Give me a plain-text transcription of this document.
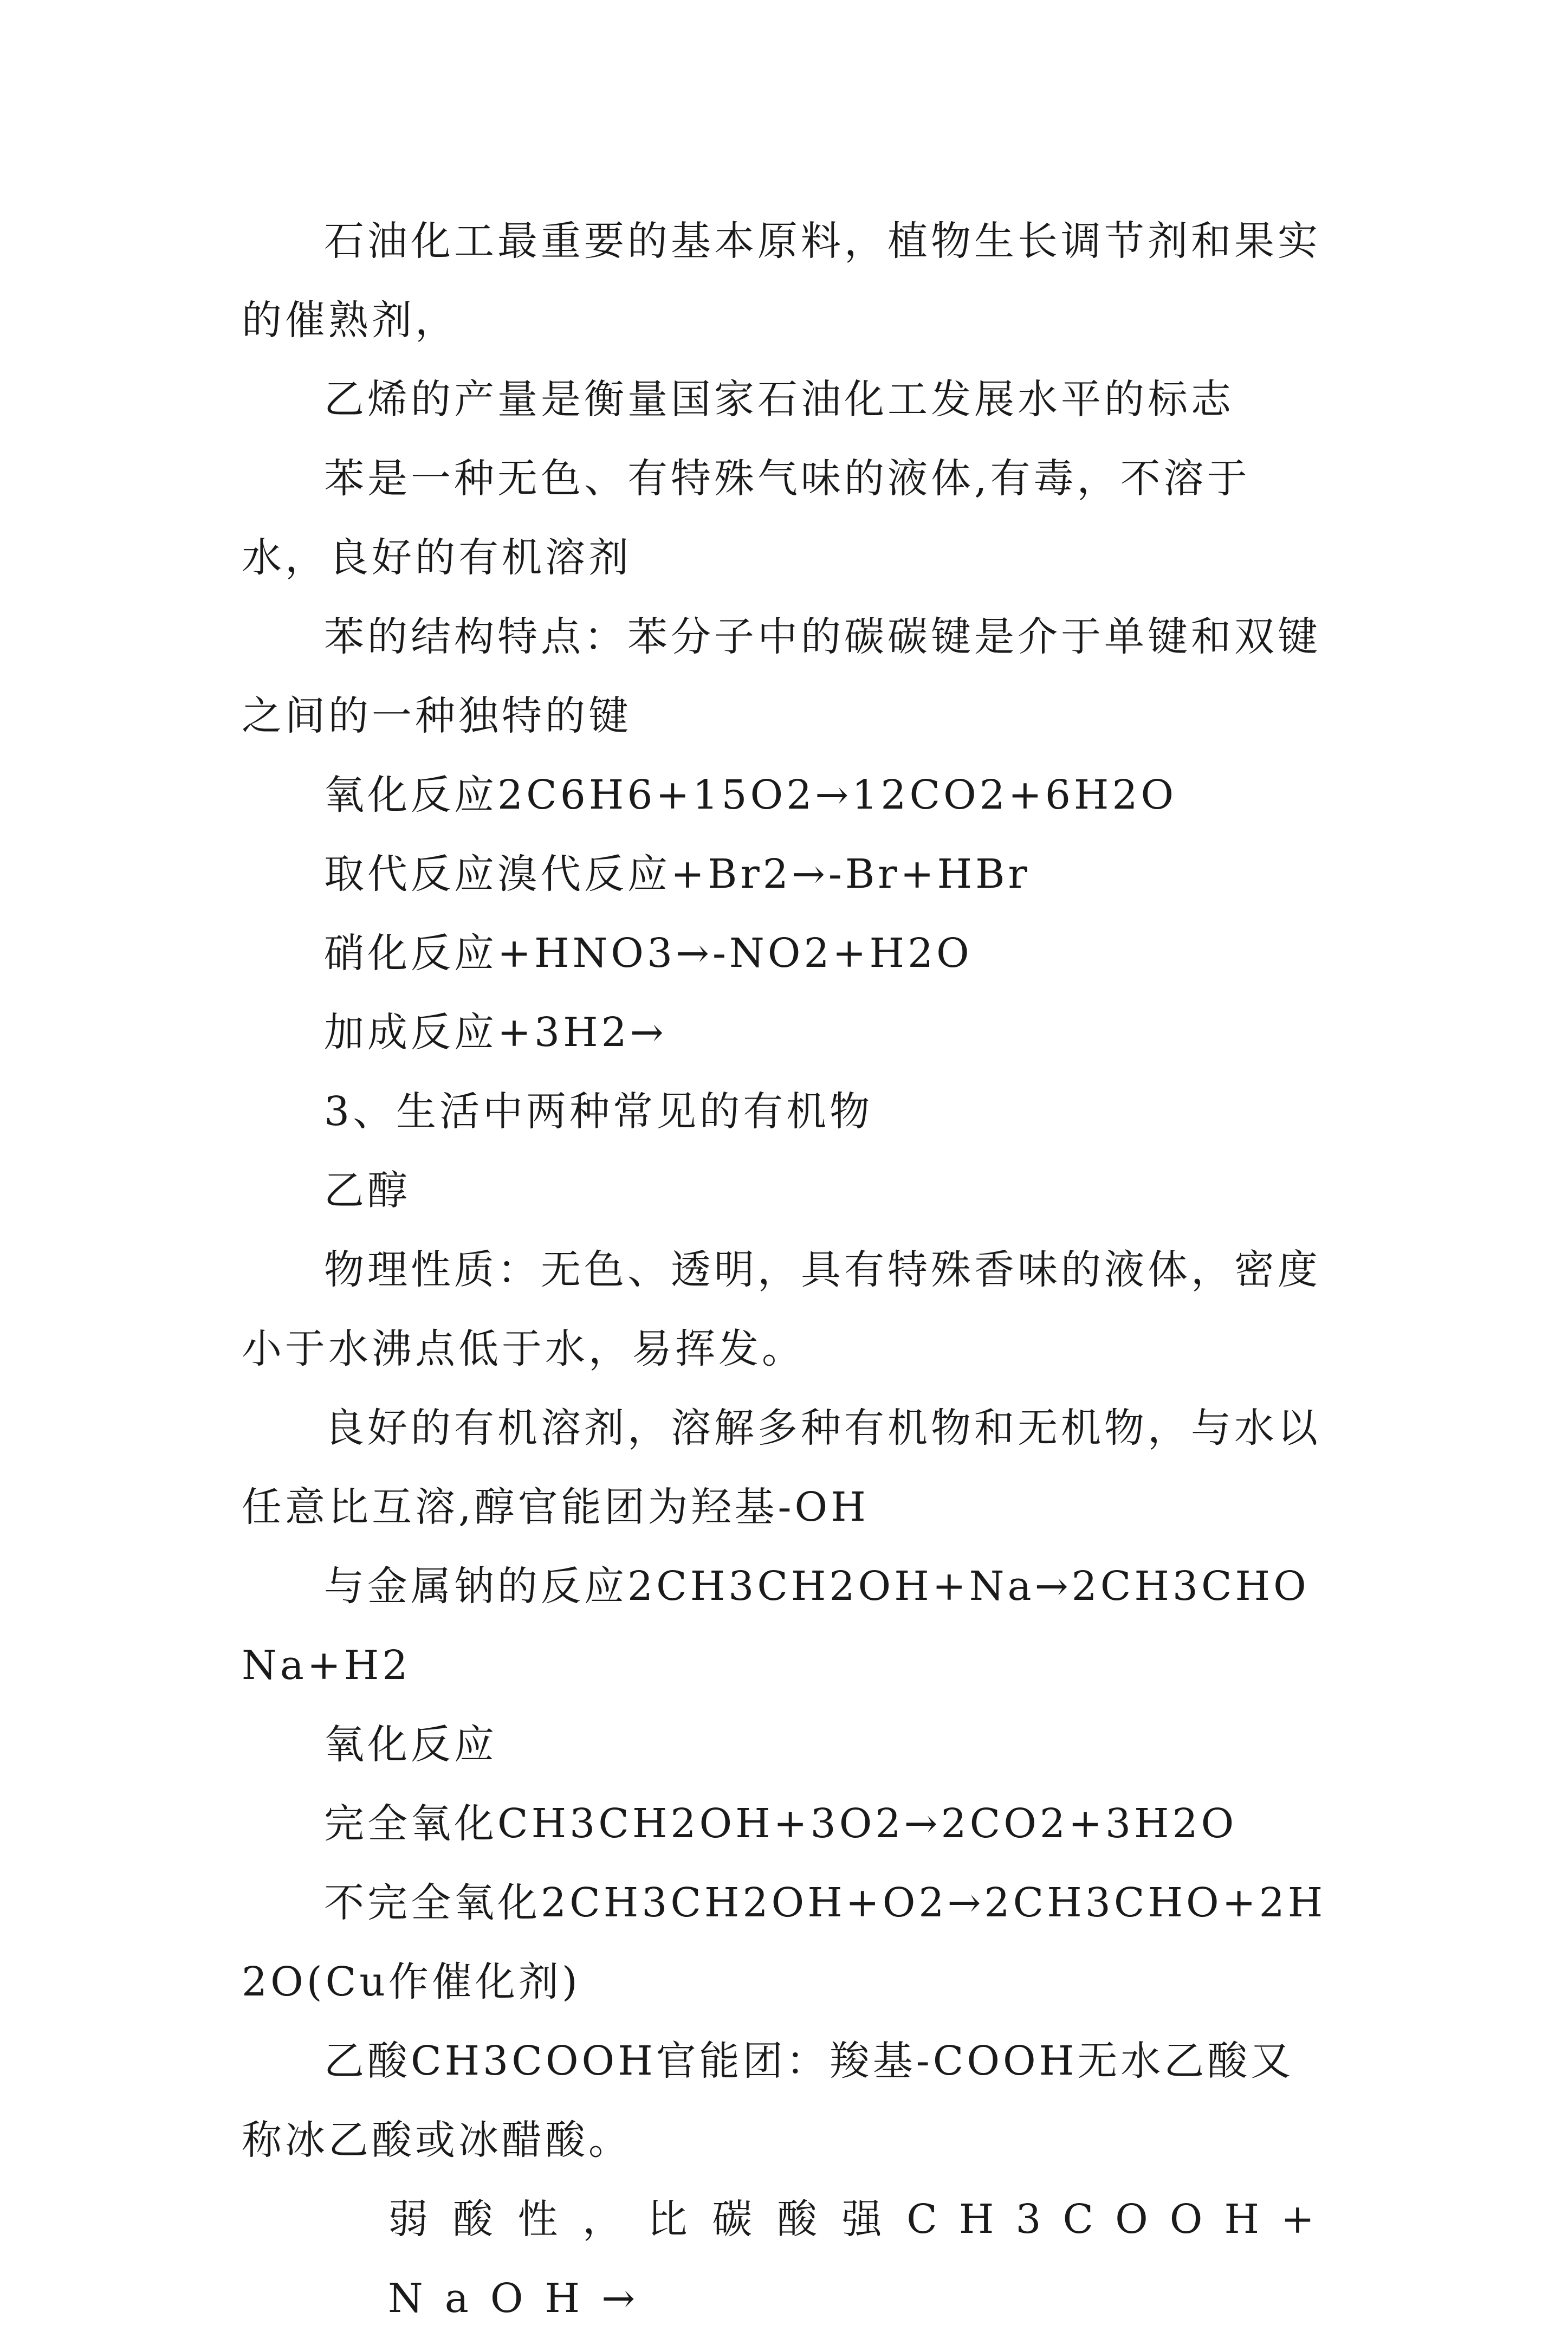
石油化工最重要的基本原料，植物生长调节剂和果实的催熟剂，

乙烯的产量是衡量国家石油化工发展水平的标志

苯是一种无色、有特殊气味的液体,有毒，不溶于水，良好的有机溶剂

苯的结构特点：苯分子中的碳碳键是介于单键和双键之间的一种独特的键

氧化反应2C6H6+15O2→12CO2+6H2O

取代反应溴代反应+Br2→-Br+HBr

硝化反应+HNO3→-NO2+H2O

加成反应+3H2→

3、生活中两种常见的有机物

乙醇

物理性质：无色、透明，具有特殊香味的液体，密度小于水沸点低于水，易挥发。

良好的有机溶剂，溶解多种有机物和无机物，与水以任意比互溶,醇官能团为羟基-OH

与金属钠的反应2CH3CH2OH+Na→2CH3CHONa+H2

氧化反应

完全氧化CH3CH2OH+3O2→2CO2+3H2O

不完全氧化2CH3CH2OH+O2→2CH3CHO+2H2O(Cu作催化剂)

乙酸CH3COOH官能团：羧基-COOH无水乙酸又称冰乙酸或冰醋酸。

弱酸性，比碳酸强CH3COOH+NaOH→
